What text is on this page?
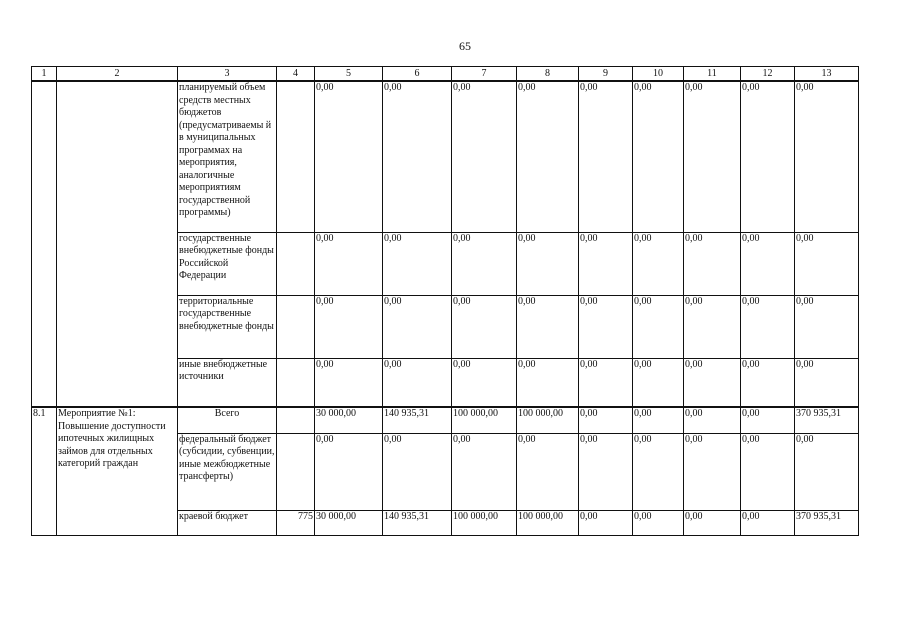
65
1	2	3	4	5	6	7	8	9	10	11	12	13
		планируемый объем средств местных бюджетов (предусматриваемы й в муниципальных программах на мероприятия, аналогичные мероприятиям государственной программы)		0,00	0,00	0,00	0,00	0,00	0,00	0,00	0,00	0,00
		государственные внебюджетные фонды Российской Федерации		0,00	0,00	0,00	0,00	0,00	0,00	0,00	0,00	0,00
		территориальные государственные внебюджетные фонды		0,00	0,00	0,00	0,00	0,00	0,00	0,00	0,00	0,00
		иные внебюджетные источники		0,00	0,00	0,00	0,00	0,00	0,00	0,00	0,00	0,00
8.1	Мероприятие №1: Повышение доступности ипотечных жилищных займов для отдельных категорий граждан	Всего		30 000,00	140 935,31	100 000,00	100 000,00	0,00	0,00	0,00	0,00	370 935,31
		федеральный бюджет (субсидии, субвенции, иные межбюджетные трансферты)		0,00	0,00	0,00	0,00	0,00	0,00	0,00	0,00	0,00
		краевой бюджет	775	30 000,00	140 935,31	100 000,00	100 000,00	0,00	0,00	0,00	0,00	370 935,31
